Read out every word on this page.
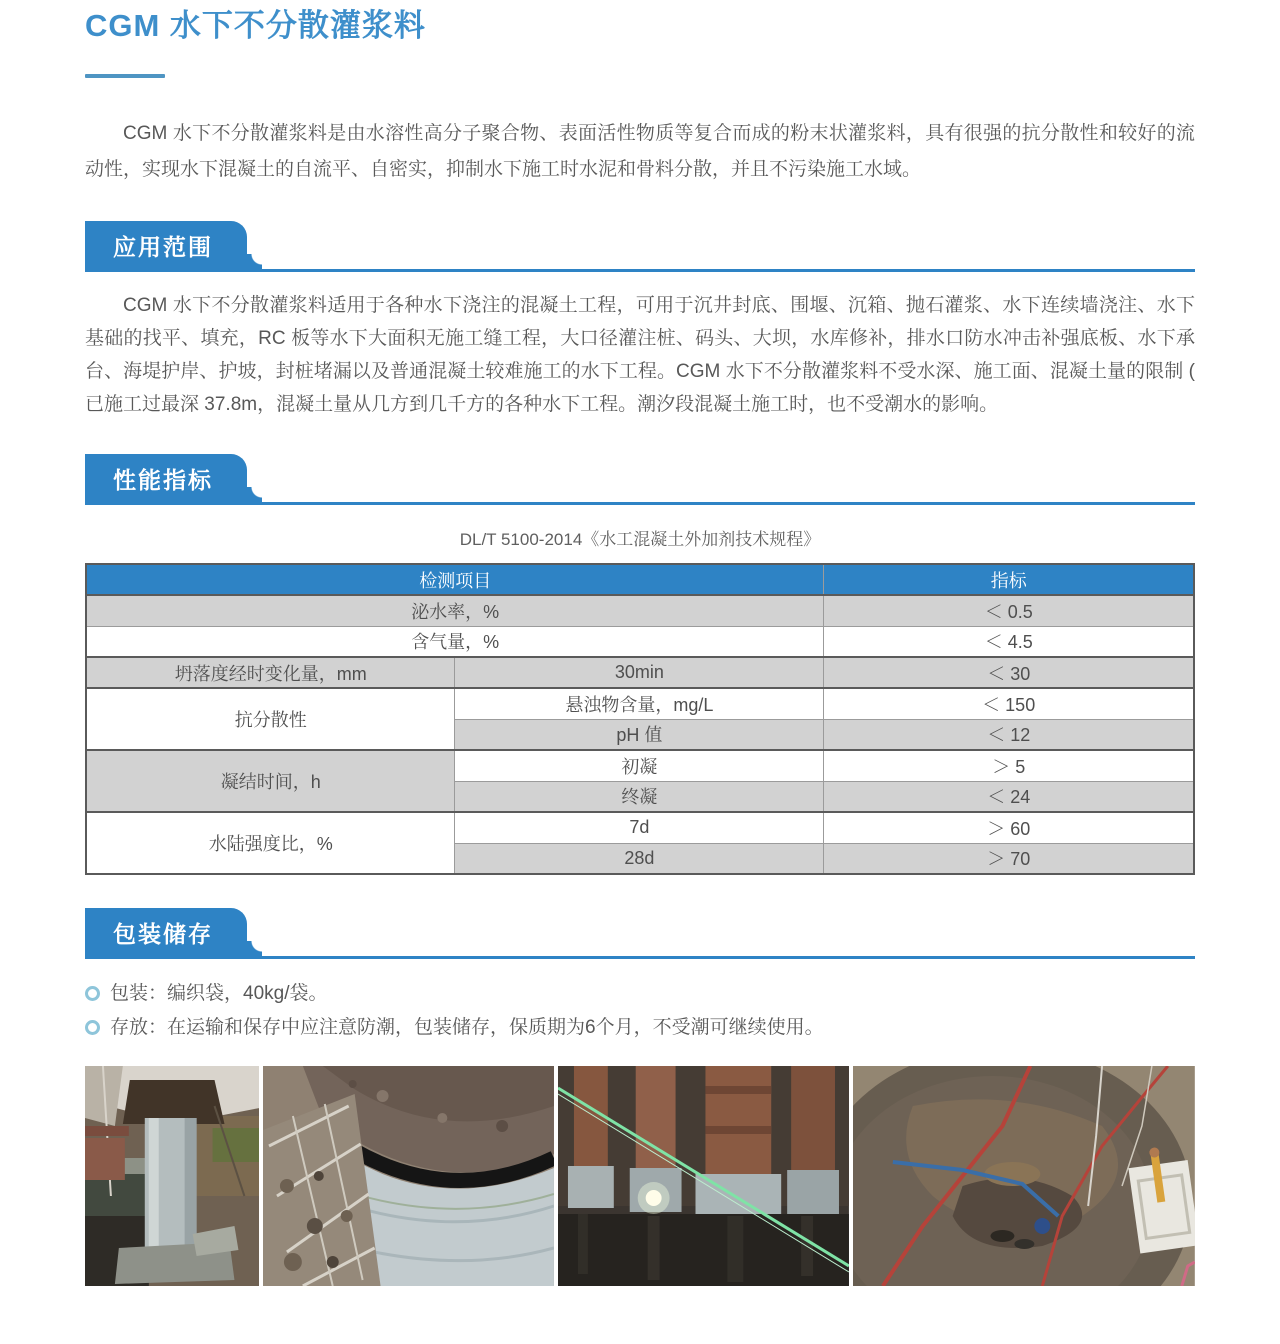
CGM 水下不分散灌浆料

CGM 水下不分散灌浆料是由水溶性高分子聚合物、表面活性物质等复合而成的粉末状灌浆料，具有很强的抗分散性和较好的流动性，实现水下混凝土的自流平、自密实，抑制水下施工时水泥和骨料分散，并且不污染施工水域。

应用范围

CGM 水下不分散灌浆料适用于各种水下浇注的混凝土工程，可用于沉井封底、围堰、沉箱、抛石灌浆、水下连续墙浇注、水下基础的找平、填充，RC 板等水下大面积无施工缝工程，大口径灌注桩、码头、大坝，水库修补，排水口防水冲击补强底板、水下承台、海堤护岸、护坡，封桩堵漏以及普通混凝土较难施工的水下工程。CGM 水下不分散灌浆料不受水深、施工面、混凝土量的限制 ( 已施工过最深 37.8m，混凝土量从几方到几千方的各种水下工程。潮汐段混凝土施工时，也不受潮水的影响。

性能指标

DL/T 5100-2014《水工混凝土外加剂技术规程》

检测项目		指标
泌水率，%		＜ 0.5
含气量，%		＜ 4.5
坍落度经时变化量，mm	30min	＜ 30
抗分散性	悬浊物含量，mg/L	＜ 150
	pH 值	＜ 12
凝结时间，h	初凝	＞ 5
	终凝	＜ 24
水陆强度比，%	7d	＞ 60
	28d	＞ 70
包装储存
包装：编织袋，40kg/袋。
存放：在运输和保存中应注意防潮，包装储存，保质期为6个月，不受潮可继续使用。
